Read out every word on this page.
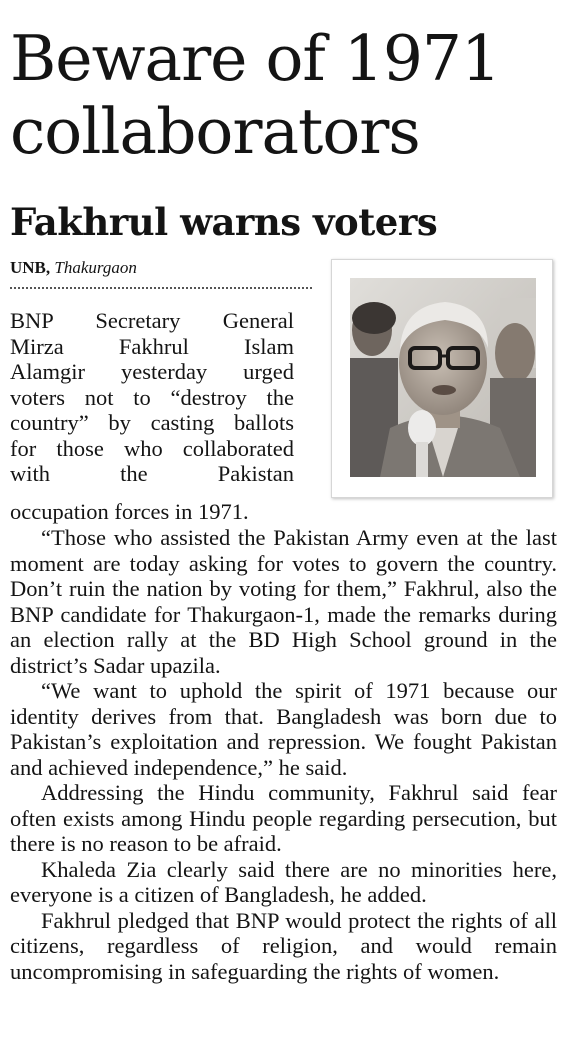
Beware of 1971
collaborators
Fakhrul warns voters
UNB, Thakurgaon
BNP Secretary General
Mirza Fakhrul Islam
Alamgir yesterday urged
voters not to “destroy the
country” by casting ballots
for those who collaborated
with the Pakistan
occupation forces in 1971.

“Those who assisted the Pakistan Army even at the last moment are today asking for votes to govern the country. Don’t ruin the nation by voting for them,” Fakhrul, also the BNP candidate for Thakurgaon-1, made the remarks during an election rally at the BD High School ground in the district’s Sadar upazila.

“We want to uphold the spirit of 1971 because our identity derives from that. Bangladesh was born due to Pakistan’s exploitation and repression. We fought Pakistan and achieved independence,” he said.

Addressing the Hindu community, Fakhrul said fear often exists among Hindu people regarding persecution, but there is no reason to be afraid.

Khaleda Zia clearly said there are no minorities here, everyone is a citizen of Bangladesh, he added.

Fakhrul pledged that BNP would protect the rights of all citizens, regardless of religion, and would remain uncompromising in safeguarding the rights of women.
